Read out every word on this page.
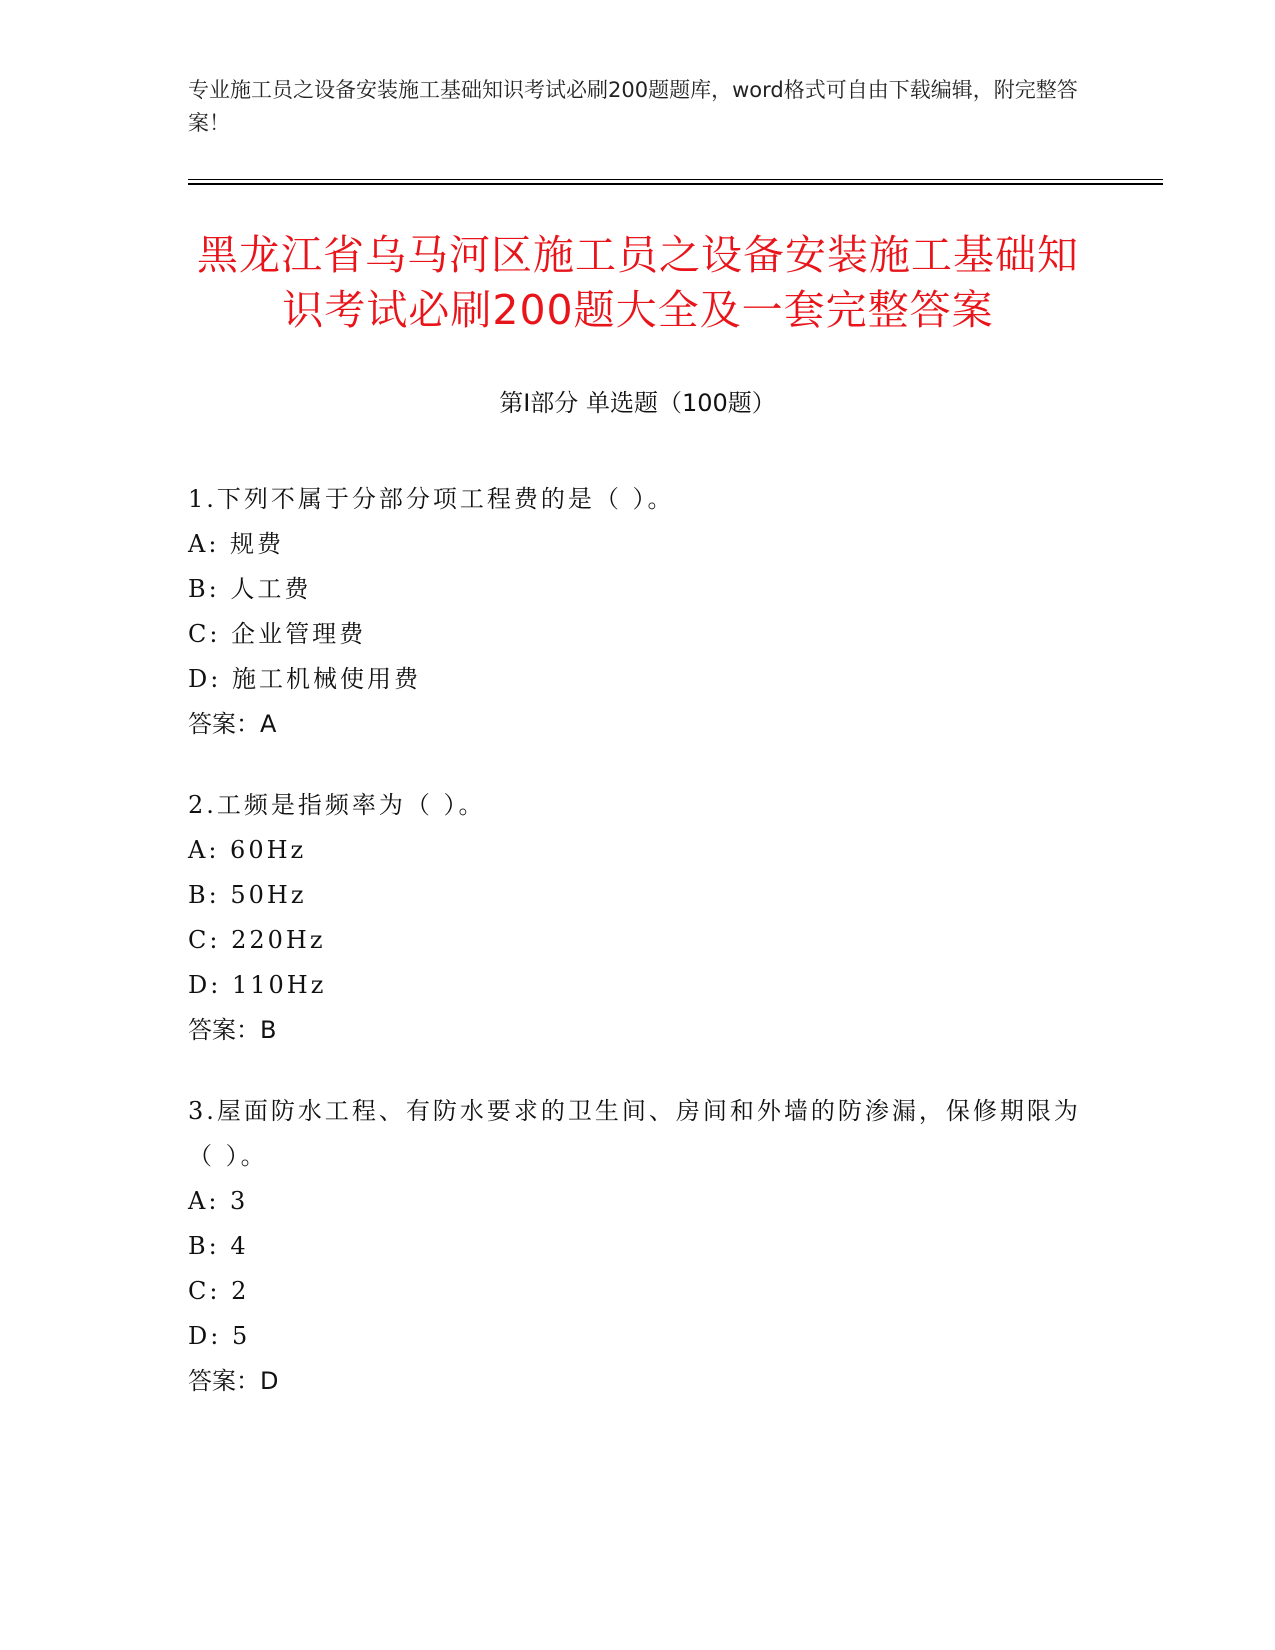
专业施工员之设备安装施工基础知识考试必刷200题题库，word格式可自由下载编辑，附完整答案！
黑龙江省乌马河区施工员之设备安装施工基础知识考试必刷200题大全及一套完整答案
第Ⅰ部分 单选题（100题）
1.下列不属于分部分项工程费的是（ ）。
A: 规费
B: 人工费
C: 企业管理费
D: 施工机械使用费
答案：A
2.工频是指频率为（ ）。
A: 60Hz
B: 50Hz
C: 220Hz
D: 110Hz
答案：B
3.屋面防水工程、有防水要求的卫生间、房间和外墙的防渗漏，保修期限为（ ）。
A: 3
B: 4
C: 2
D: 5
答案：D
